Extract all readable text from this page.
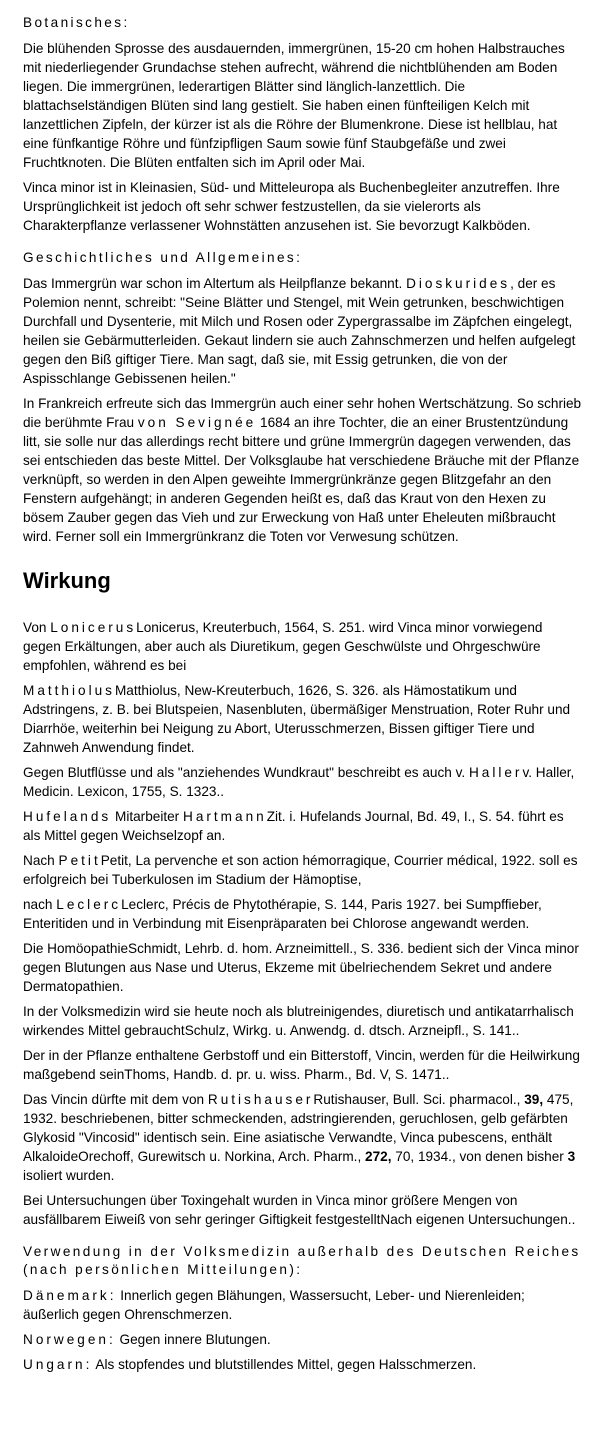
Botanisches:

Die blühenden Sprosse des ausdauernden, immergrünen, 15-20 cm hohen Halbstrauches mit niederliegender Grundachse stehen aufrecht, während die nichtblühenden am Boden liegen. Die immergrünen, lederartigen Blätter sind länglich-lanzettlich. Die blattachselständigen Blüten sind lang gestielt. Sie haben einen fünfteiligen Kelch mit lanzettlichen Zipfeln, der kürzer ist als die Röhre der Blumenkrone. Diese ist hellblau, hat eine fünfkantige Röhre und fünfzipfligen Saum sowie fünf Staubgefäße und zwei Fruchtknoten. Die Blüten entfalten sich im April oder Mai.

Vinca minor ist in Kleinasien, Süd- und Mitteleuropa als Buchenbegleiter anzutreffen. Ihre Ursprünglichkeit ist jedoch oft sehr schwer festzustellen, da sie vielerorts als Charakterpflanze verlassener Wohnstätten anzusehen ist. Sie bevorzugt Kalkböden.

Geschichtliches und Allgemeines:

Das Immergrün war schon im Altertum als Heilpflanze bekannt. Dioskurides, der es Polemion nennt, schreibt: "Seine Blätter und Stengel, mit Wein getrunken, beschwichtigen Durchfall und Dysenterie, mit Milch und Rosen oder Zypergrassalbe im Zäpfchen eingelegt, heilen sie Gebärmutterleiden. Gekaut lindern sie auch Zahnschmerzen und helfen aufgelegt gegen den Biß giftiger Tiere. Man sagt, daß sie, mit Essig getrunken, die von der Aspisschlange Gebissenen heilen."

In Frankreich erfreute sich das Immergrün auch einer sehr hohen Wertschätzung. So schrieb die berühmte Frau von Sevignée 1684 an ihre Tochter, die an einer Brustentzündung litt, sie solle nur das allerdings recht bittere und grüne Immergrün dagegen verwenden, das sei entschieden das beste Mittel. Der Volksglaube hat verschiedene Bräuche mit der Pflanze verknüpft, so werden in den Alpen geweihte Immergrünkränze gegen Blitzgefahr an den Fenstern aufgehängt; in anderen Gegenden heißt es, daß das Kraut von den Hexen zu bösem Zauber gegen das Vieh und zur Erweckung von Haß unter Eheleuten mißbraucht wird. Ferner soll ein Immergrünkranz die Toten vor Verwesung schützen.

Wirkung

Von LonicerusLonicerus, Kreuterbuch, 1564, S. 251. wird Vinca minor vorwiegend gegen Erkältungen, aber auch als Diuretikum, gegen Geschwülste und Ohrgeschwüre empfohlen, während es bei

MatthiolusMatthiolus, New-Kreuterbuch, 1626, S. 326. als Hämostatikum und Adstringens, z. B. bei Blutspeien, Nasenbluten, übermäßiger Menstruation, Roter Ruhr und Diarrhöe, weiterhin bei Neigung zu Abort, Uterusschmerzen, Bissen giftiger Tiere und Zahnweh Anwendung findet.

Gegen Blutflüsse und als "anziehendes Wundkraut" beschreibt es auch v. Hallerv. Haller, Medicin. Lexicon, 1755, S. 1323..

Hufelands Mitarbeiter HartmannZit. i. Hufelands Journal, Bd. 49, I., S. 54. führt es als Mittel gegen Weichselzopf an.

Nach PetitPetit, La pervenche et son action hémorragique, Courrier médical, 1922. soll es erfolgreich bei Tuberkulosen im Stadium der Hämoptise,

nach LeclercLeclerc, Précis de Phytothérapie, S. 144, Paris 1927. bei Sumpffieber, Enteritiden und in Verbindung mit Eisenpräparaten bei Chlorose angewandt werden.

Die HomöopathieSchmidt, Lehrb. d. hom. Arzneimittell., S. 336. bedient sich der Vinca minor gegen Blutungen aus Nase und Uterus, Ekzeme mit übelriechendem Sekret und andere Dermatopathien.

In der Volksmedizin wird sie heute noch als blutreinigendes, diuretisch und antikatarrhalisch wirkendes Mittel gebrauchtSchulz, Wirkg. u. Anwendg. d. dtsch. Arzneipfl., S. 141..

Der in der Pflanze enthaltene Gerbstoff und ein Bitterstoff, Vincin, werden für die Heilwirkung maßgebend seinThoms, Handb. d. pr. u. wiss. Pharm., Bd. V, S. 1471..

Das Vincin dürfte mit dem von RutishauserRutishauser, Bull. Sci. pharmacol., 39, 475, 1932. beschriebenen, bitter schmeckenden, adstringierenden, geruchlosen, gelb gefärbten Glykosid "Vincosid" identisch sein. Eine asiatische Verwandte, Vinca pubescens, enthält AlkaloideOrechoff, Gurewitsch u. Norkina, Arch. Pharm., 272, 70, 1934., von denen bisher 3 isoliert wurden.

Bei Untersuchungen über Toxingehalt wurden in Vinca minor größere Mengen von ausfällbarem Eiweiß von sehr geringer Giftigkeit festgestelltNach eigenen Untersuchungen..

Verwendung in der Volksmedizin außerhalb des Deutschen Reiches (nach persönlichen Mitteilungen):

Dänemark: Innerlich gegen Blähungen, Wassersucht, Leber- und Nierenleiden; äußerlich gegen Ohrenschmerzen.

Norwegen: Gegen innere Blutungen.

Ungarn: Als stopfendes und blutstillendes Mittel, gegen Halsschmerzen.
